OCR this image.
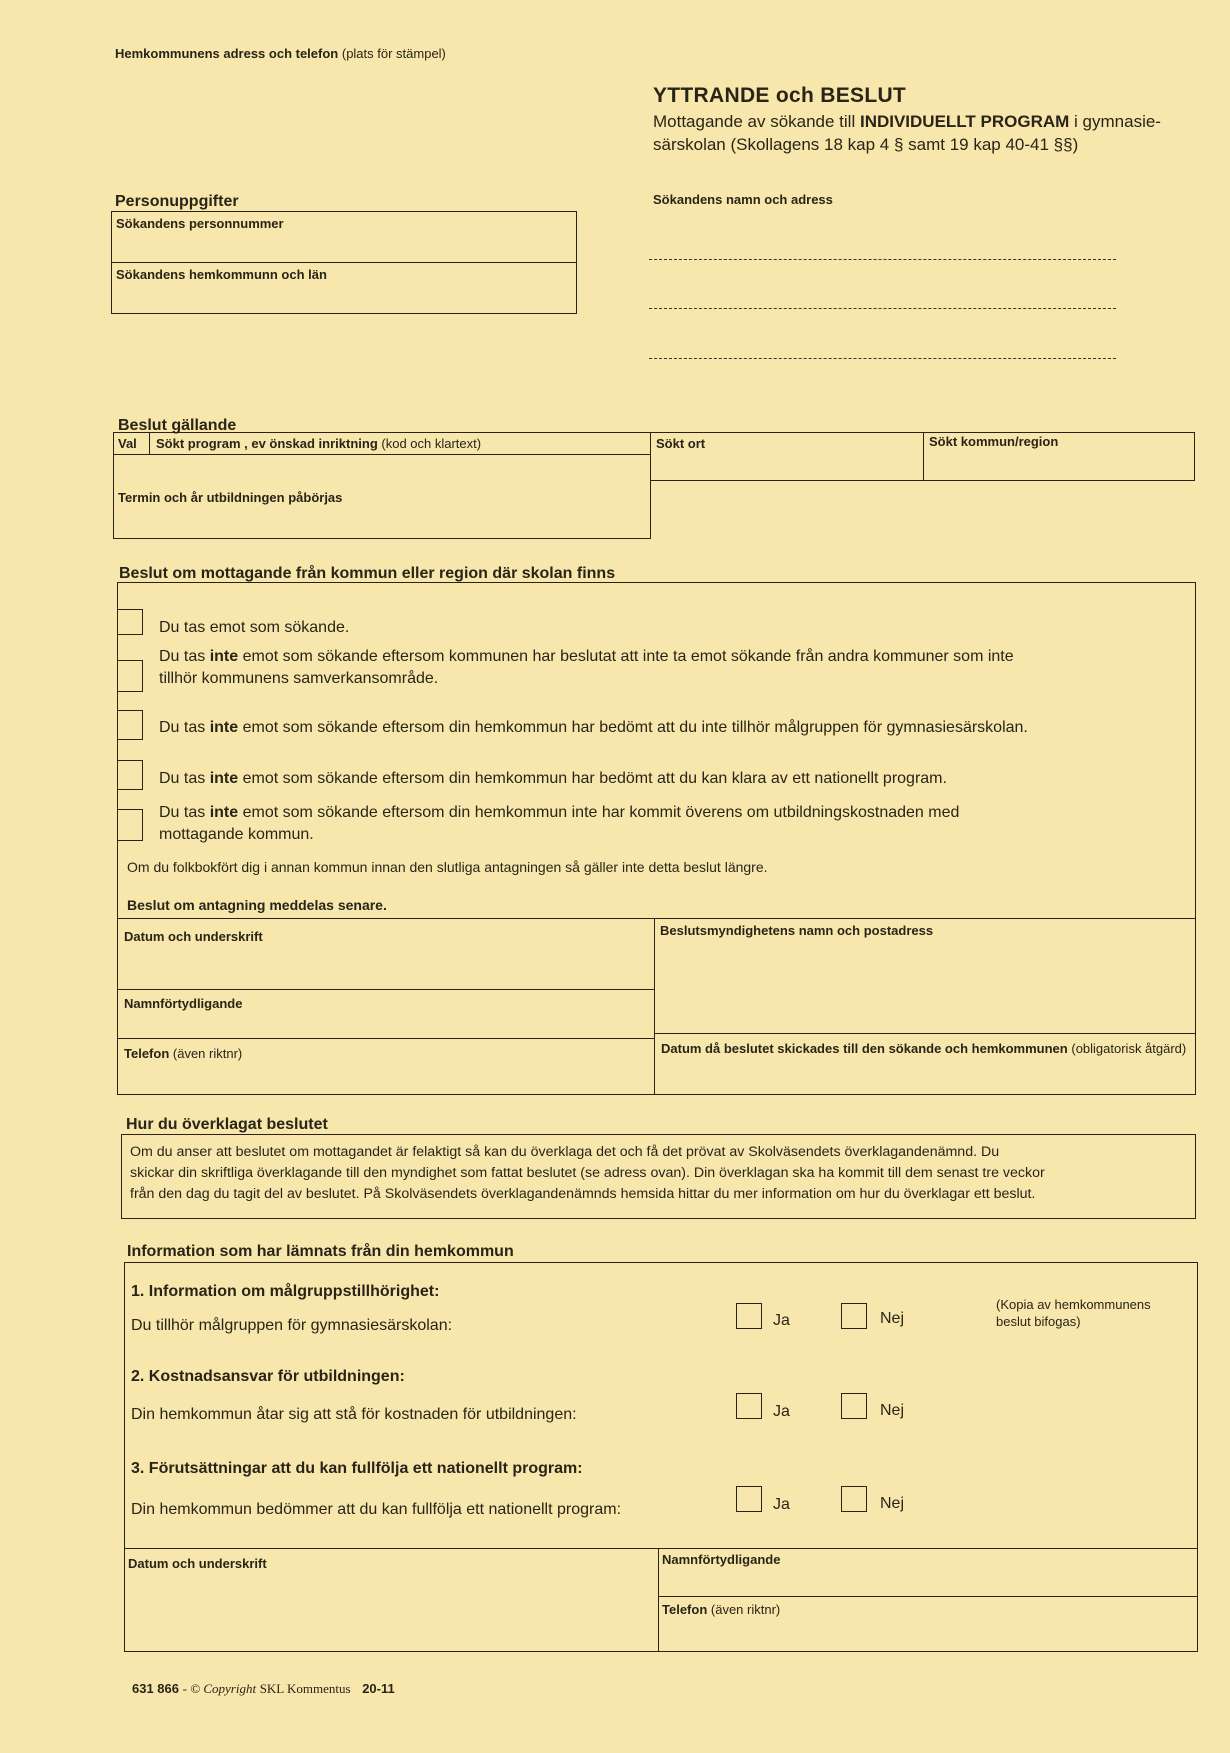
Hemkommunens adress och telefon (plats för stämpel)
YTTRANDE och BESLUT
Mottagande av sökande till INDIVIDUELLT PROGRAM i gymnasie-
särskolan (Skollagens 18 kap 4 § samt 19 kap 40-41 §§)
Personuppgifter
Sökandens personnummer
Sökandens hemkommunn och län
Sökandens namn och adress
Beslut gällande
Val Sökt program , ev önskad inriktning (kod och klartext)	Sökt ort	Sökt kommun/region
Termin och år utbildningen påbörjas
Beslut om mottagande från kommun eller region där skolan finns
Du tas emot som sökande.
Du tas inte emot som sökande eftersom kommunen har beslutat att inte ta emot sökande från andra kommuner som inte
tillhör kommunens samverkansområde.
Du tas inte emot som sökande eftersom din hemkommun har bedömt att du inte tillhör målgruppen för gymnasiesärskolan.
Du tas inte emot som sökande eftersom din hemkommun har bedömt att du kan klara av ett nationellt program.
Du tas inte emot som sökande eftersom din hemkommun inte har kommit överens om utbildningskostnaden med
mottagande kommun.
Om du folkbokfört dig i annan kommun innan den slutliga antagningen så gäller inte detta beslut längre.
Beslut om antagning meddelas senare.
Datum och underskrift	Beslutsmyndighetens namn och postadress
Namnförtydligande
Telefon (även riktnr)	Datum då beslutet skickades till den sökande och hemkommunen (obligatorisk åtgärd)
Hur du överklagat beslutet
Om du anser att beslutet om mottagandet är felaktigt så kan du överklaga det och få det prövat av Skolväsendets överklagandenämnd. Du
skickar din skriftliga överklagande till den myndighet som fattat beslutet (se adress ovan). Din överklagan ska ha kommit till dem senast tre veckor
från den dag du tagit del av beslutet. På Skolväsendets överklagandenämnds hemsida hittar du mer information om hur du överklagar ett beslut.
Information som har lämnats från din hemkommun
1. Information om målgruppstillhörighet:
Du tillhör målgruppen för gymnasiesärskolan:	Ja	Nej
(Kopia av hemkommunens
beslut bifogas)
2. Kostnadsansvar för utbildningen:
Din hemkommun åtar sig att stå för kostnaden för utbildningen:	Ja	Nej
3. Förutsättningar att du kan fullfölja ett nationellt program:
Din hemkommun bedömmer att du kan fullfölja ett nationellt program:	Ja	Nej
Datum och underskrift	Namnförtydligande
Telefon (även riktnr)
631 866 - © Copyright SKL Kommentus 20-11
